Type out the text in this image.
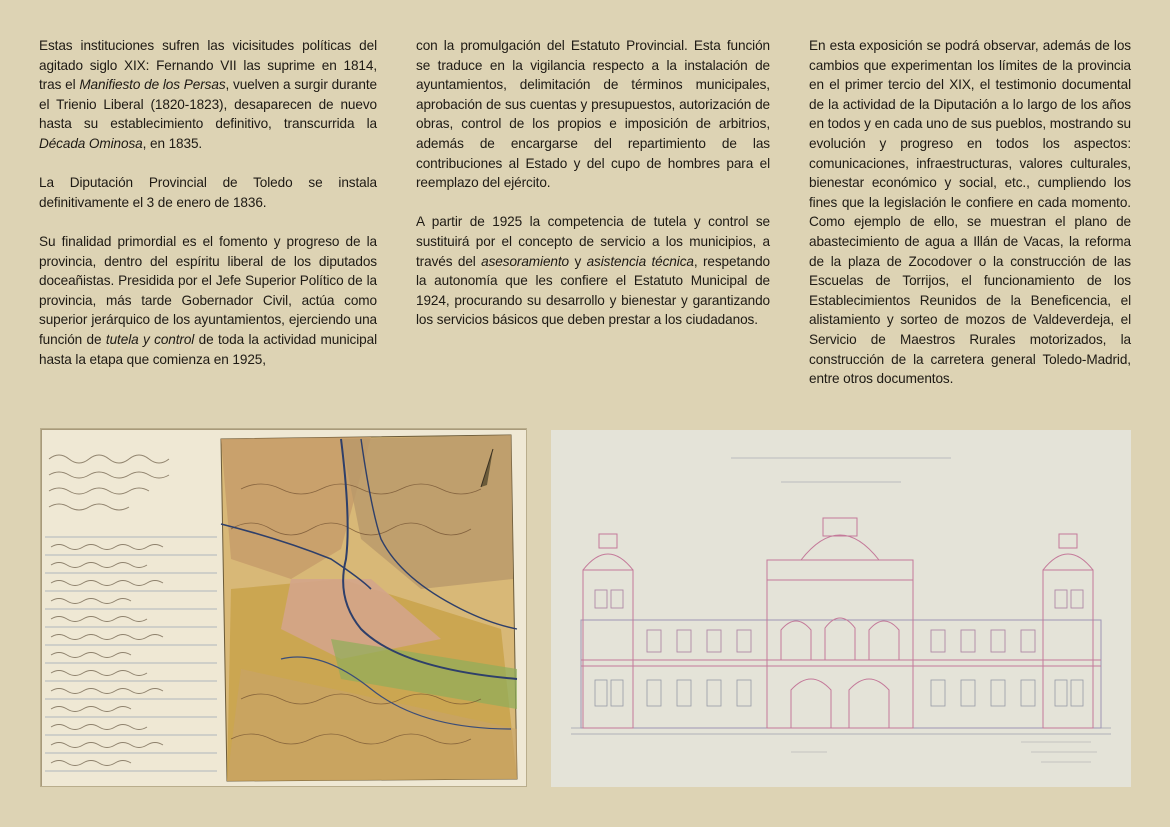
Estas instituciones sufren las vicisitudes políticas del agitado siglo XIX: Fernando VII las suprime en 1814, tras el Manifiesto de los Persas, vuelven a surgir durante el Trienio Liberal (1820-1823), desaparecen de nuevo hasta su establecimiento definitivo, transcurrida la Década Ominosa, en 1835.

La Diputación Provincial de Toledo se instala definitivamente el 3 de enero de 1836.

Su finalidad primordial es el fomento y progreso de la provincia, dentro del espíritu liberal de los diputados doceañistas. Presidida por el Jefe Superior Político de la provincia, más tarde Gobernador Civil, actúa como superior jerárquico de los ayuntamientos, ejerciendo una función de tutela y control de toda la actividad municipal hasta la etapa que comienza en 1925,

con la promulgación del Estatuto Provincial. Esta función se traduce en la vigilancia respecto a la instalación de ayuntamientos, delimitación de términos municipales, aprobación de sus cuentas y presupuestos, autorización de obras, control de los propios e imposición de arbitrios, además de encargarse del repartimiento de las contribuciones al Estado y del cupo de hombres para el reemplazo del ejército.

A partir de 1925 la competencia de tutela y control se sustituirá por el concepto de servicio a los municipios, a través del asesoramiento y asistencia técnica, respetando la autonomía que les confiere el Estatuto Municipal de 1924, procurando su desarrollo y bienestar y garantizando los servicios básicos que deben prestar a los ciudadanos.

En esta exposición se podrá observar, además de los cambios que experimentan los límites de la provincia en el primer tercio del XIX, el testimonio documental de la actividad de la Diputación a lo largo de los años en todos y en cada uno de sus pueblos, mostrando su evolución y progreso en todos los aspectos: comunicaciones, infraestructuras, valores culturales, bienestar económico y social, etc., cumpliendo los fines que la legislación le confiere en cada momento. Como ejemplo de ello, se muestran el plano de abastecimiento de agua a Illán de Vacas, la reforma de la plaza de Zocodover o la construcción de las Escuelas de Torrijos, el funcionamiento de los Establecimientos Reunidos de la Beneficencia, el alistamiento y sorteo de mozos de Valdeverdeja, el Servicio de Maestros Rurales motorizados, la construcción de la carretera general Toledo-Madrid, entre otros documentos.
